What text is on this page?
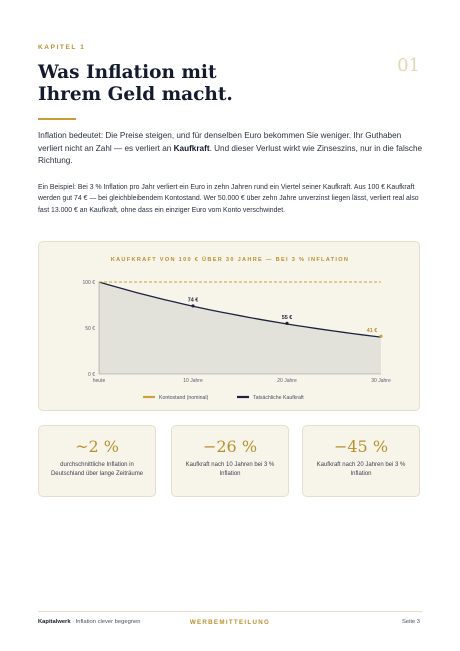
KAPITEL 1
01
Was Inflation mit
Ihrem Geld macht.

Inflation bedeutet: Die Preise steigen, und für denselben Euro bekommen Sie weniger. Ihr Guthaben verliert nicht an Zahl — es verliert an Kaufkraft. Und dieser Verlust wirkt wie Zinseszins, nur in die falsche Richtung.

Ein Beispiel: Bei 3 % Inflation pro Jahr verliert ein Euro in zehn Jahren rund ein Viertel seiner Kaufkraft. Aus 100 € Kaufkraft werden gut 74 € — bei gleichbleibendem Kontostand. Wer 50.000 € über zehn Jahre unverzinst liegen lässt, verliert real also fast 13.000 € an Kaufkraft, ohne dass ein einziger Euro vom Konto verschwindet.

KAUFKRAFT VON 100 € ÜBER 30 JAHRE — BEI 3 % INFLATION
100 €
50 €
0 €
heute	10 Jahre	20 Jahre	30 Jahre
74 €
55 €
41 €
Kontostand (nominal)	Tatsächliche Kaufkraft
~2 %
durchschnittliche Inflation in Deutschland über lange Zeiträume
−26 %
Kaufkraft nach 10 Jahren bei 3 % Inflation
−45 %
Kaufkraft nach 20 Jahren bei 3 % Inflation
Kapitalwerk · Inflation clever begegnen	WERBEMITTEILUNG	Seite 3
